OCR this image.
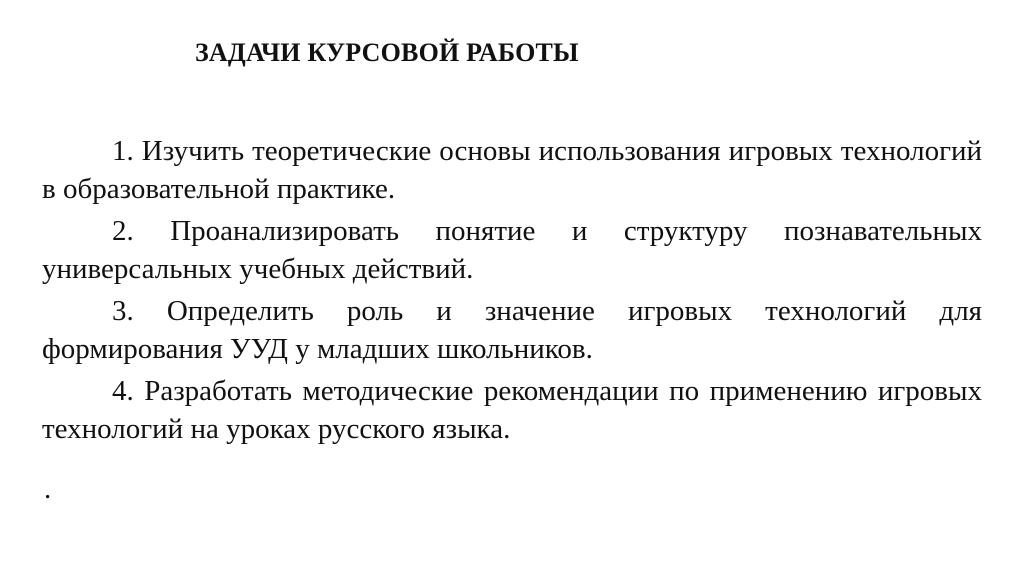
ЗАДАЧИ КУРСОВОЙ РАБОТЫ
1. Изучить теоретические основы использования игровых технологий в образовательной практике.
2. Проанализировать понятие и структуру познавательных универсальных учебных действий.
3. Определить роль и значение игровых технологий для формирования УУД у младших школьников.
4. Разработать методические рекомендации по применению игровых технологий на уроках русского языка.
.
